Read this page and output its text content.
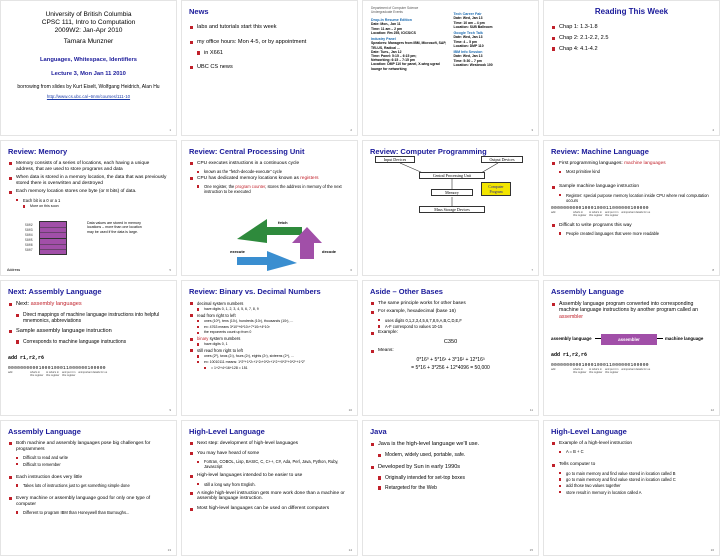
University of British Columbia
CPSC 111, Intro to Computation
2009W2: Jan-Apr 2010
Tamara Munzner
Languages, Whitespace, Identifiers
Lecture 3, Mon Jan 11 2010
borrowing from slides by Kurt Eiselt, Wolfgang Heidrich, Alan Hu
http://www.cs.ubc.ca/~tmm/courses/111-10
1
News
labs and tutorials start this week
my office hours: Mon 4-5, or by appointment
in X661
UBC CS news
2
Department of Computer Science
Undergraduate Events
Drop-In Resume Edition
Date: Mon., Jan 11
Time: 11 am – 2 pm
Location: Rm 255, ICICS/CS
Industry Panel
Speakers: Managers from IBM, Microsoft, SAP, TELUS, Radical …
Date: Tues., Jan 12
Time: Panel: 5:15 – 6:15 pm;
Networking: 6:15 – 7:15 pm
Location: DMP 110 for panel, X-wing ugrad lounge for networking
Tech Career Fair
Date: Wed, Jan 13
Time: 10 am – 4 pm
Location: SUB Ballroom
Google Tech Talk
Date: Wed, Jan 13
Time: 4 – 5 pm
Location: DMP 110
IBM Info Session
Date: Wed, Jan 13
Time: 5:30 – 7 pm
Location: Wesbrook 100
3
Reading This Week
Chap 1: 1.3-1.8
Chap 2: 2.1-2.2, 2.5
Chap 4: 4.1-4.2
4
Review: Memory
Memory consists of a series of locations, each having a unique address, that are used to store programs and data
When data is stored in a memory location, the data that was previously stored there is overwritten and destroyed
Each memory location stores one byte (or 8 bits) of data.
Each bit is a 0 or a 1
More on this soon
5802
5803
5804
5805
5806
5807
Data values are stored in memory locations – more than one location may be used if the data is large.
Address	5
Review: Central Processing Unit
CPU executes instructions in a continuous cycle
known as the "fetch-decode-execute" cycle
CPU has dedicated memory locations known as registers
One register, the program counter, stores the address in memory of the next instruction to be executed
fetch
execute	decode
6
Review: Computer Programming
Input Devices	Output Devices
Central Processing Unit
Memory
Computer Program
Mass Storage Devices
7
Review: Machine Language
First programming languages: machine languages
Most primitive kind
Sample machine language instruction
Register: special purpose memory location inside CPU where real computation occurs
00000000001000100011000000100000
add	what's in this register
to what's in this register
and put it in this register
unimportant details for us
Difficult to write programs this way
People created languages that were more readable
8
Next: Assembly Language
Next: assembly languages
Direct mappings of machine language instructions into helpful mnemonics, abbreviations
Sample assembly language instruction
Corresponds to machine language instructions
add r1,r2,r6
00000000001000100011000000100000
add	what's in this register
to what's in this register
and put it in this register
unimportant details for us
9
Review: Binary vs. Decimal Numbers
decimal system numbers
have digits 0, 1, 2, 3, 4, 5, 6, 7, 8, 9
read from right to left
ones (10⁰), tens (10¹), hundreds (10²), thousands (10³), ...
ex: 4763 means 3*10⁰+6*10¹+7*10²+4*10³
the exponents count up from 0
binary system numbers
have digits 0, 1
still read from right to left
ones (2⁰), twos (2¹), fours (2²), eights (2³), sixteens (2⁴), ...
ex: 10010111 means: 1*2⁰+1*2¹+1*2²+0*2³+1*2⁴+0*2⁵+0*2⁶+1*2⁷
= 1+2+4+16+128 = 151
10
Aside – Other Bases
The same principle works for other bases
For example, hexadecimal (base 16)
uses digits 0,1,2,3,4,5,6,7,8,9,A,B,C,D,E,F
A-F correspond to values 10-15
Example:
C350
Means:
0*16⁰ + 5*16¹ + 3*16² + 12*16³
= 5*16 + 3*256 + 12*4096 = 50,000
11
Assembly Language
Assembly language program converted into corresponding machine language instructions by another program called an assembler
assembly language	assembler	machine language
add r1,r2,r6
00000000001000100011000000100000
add	what's in this register
to what's in this register
and put it in this register
unimportant details for us
12
Assembly Language
Both machine and assembly languages pose big challenges for programmers
Difficult to read and write
Difficult to remember
Each instruction does very little
Takes lots of instructions just to get something simple done
Every machine or assembly language good for only one type of computer
Different to program IBM than Honeywell than Burroughs...
13
High-Level Language
Next step: development of high-level languages
You may have heard of some
Fortran, COBOL, Lisp, BASIC, C, C++, C#, Ada, Perl, Java, Python, Ruby, Javascript
High-level languages intended to be easier to use
still a long way from English.
A single high-level instruction gets more work done than a machine or assembly language instruction.
Most high-level languages can be used on different computers
14
Java
Java is the high-level language we'll use.
Modern, widely used, portable, safe.
Developed by Sun in early 1990s
Originally intended for set-top boxes
Retargeted for the Web
15
High-Level Language
Example of a high-level instruction
A = B + C
Tells computer to
go to main memory and find value stored in location called B
go to main memory and find value stored in location called C
add those two values together
store result in memory in location called A
16
